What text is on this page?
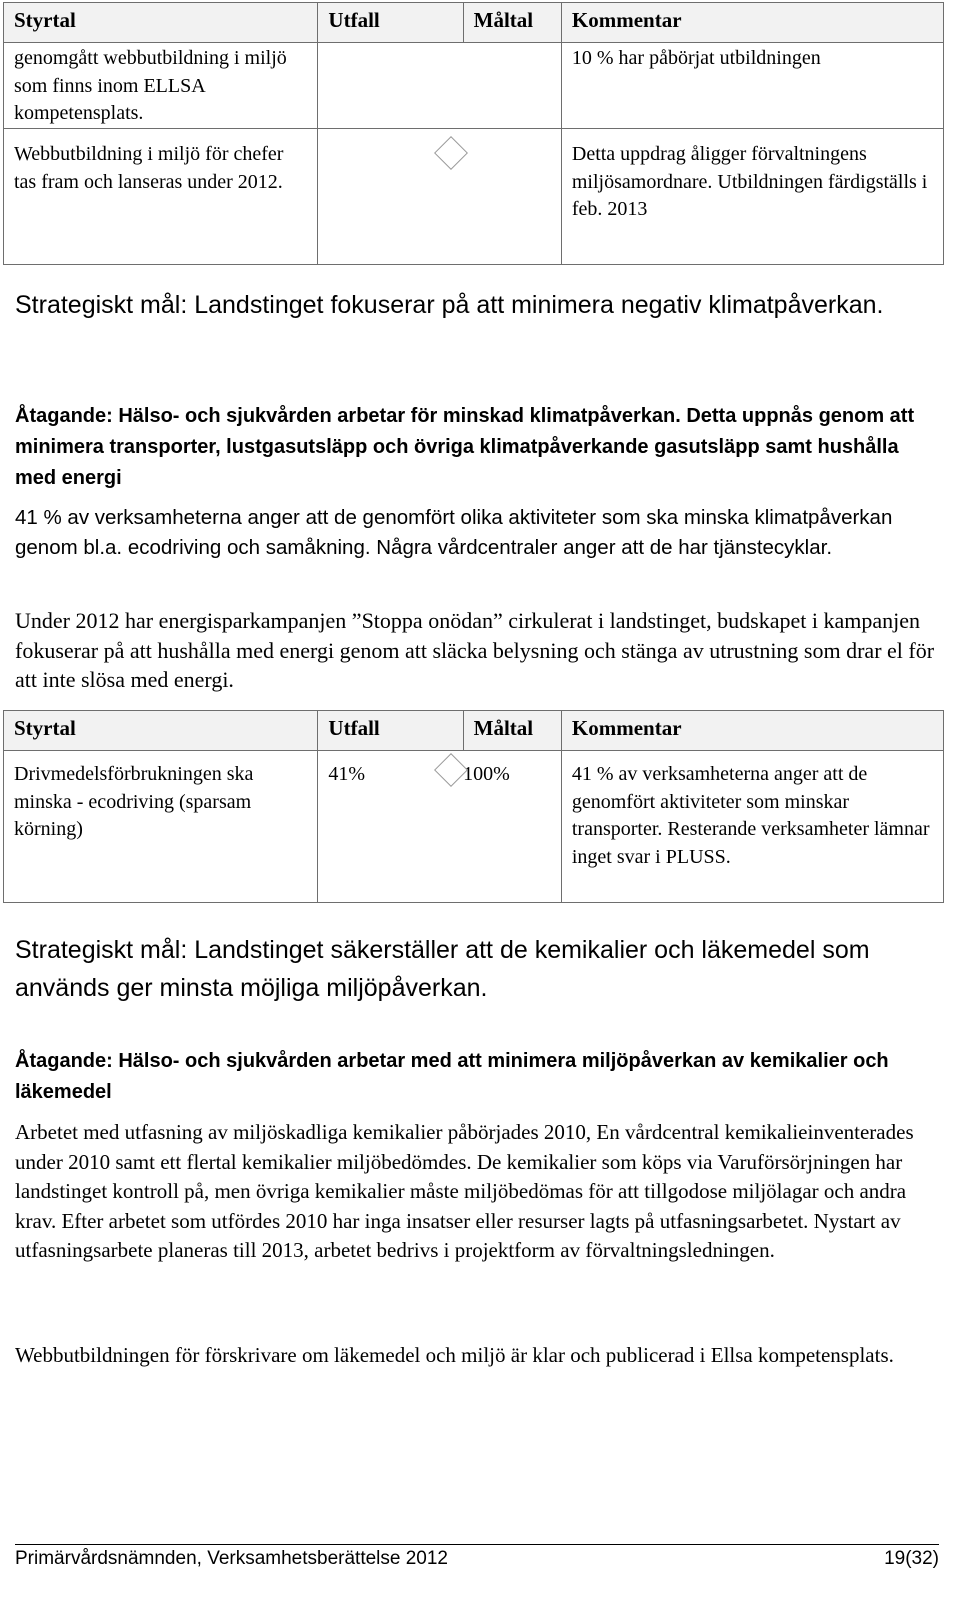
Styrtal	Utfall	Måltal	Kommentar
genomgått webbutbildning i miljö som finns inom ELLSA kompetensplats.			10 % har påbörjat utbildningen
Webbutbildning i miljö för chefer tas fram och lanseras under 2012.			Detta uppdrag åligger förvaltningens miljösamordnare. Utbildningen färdigställs i feb. 2013
Strategiskt mål: Landstinget fokuserar på att minimera negativ klimatpåverkan.
Åtagande: Hälso- och sjukvården arbetar för minskad klimatpåverkan. Detta uppnås genom att minimera transporter, lustgasutsläpp och övriga klimatpåverkande gasutsläpp samt hushålla med energi

41 % av verksamheterna anger att de genomfört olika aktiviteter som ska minska klimatpåverkan genom bl.a. ecodriving och samåkning. Några vårdcentraler anger att de har tjänstecyklar.

Under 2012 har energisparkampanjen ”Stoppa onödan” cirkulerat i landstinget, budskapet i kampanjen fokuserar på att hushålla med energi genom att släcka belysning och stänga av utrustning som drar el för att inte slösa med energi.

Styrtal	Utfall	Måltal	Kommentar
Drivmedelsförbrukningen ska minska - ecodriving (sparsam körning)	41%	100%	41 % av verksamheterna anger att de genomfört aktiviteter som minskar transporter. Resterande verksamheter lämnar inget svar i PLUSS.
Strategiskt mål: Landstinget säkerställer att de kemikalier och läkemedel som används ger minsta möjliga miljöpåverkan.
Åtagande: Hälso- och sjukvården arbetar med att minimera miljöpåverkan av kemikalier och läkemedel

Arbetet med utfasning av miljöskadliga kemikalier påbörjades 2010, En vårdcentral kemikalieinventerades under 2010 samt ett flertal kemikalier miljöbedömdes. De kemikalier som köps via Varuförsörjningen har landstinget kontroll på, men övriga kemikalier måste miljöbedömas för att tillgodose miljölagar och andra krav. Efter arbetet som utfördes 2010 har inga insatser eller resurser lagts på utfasningsarbetet. Nystart av utfasningsarbete planeras till 2013, arbetet bedrivs i projektform av förvaltningsledningen.

Webbutbildningen för förskrivare om läkemedel och miljö är klar och publicerad i Ellsa kompetensplats.

Primärvårdsnämnden, Verksamhetsberättelse 2012	19(32)
